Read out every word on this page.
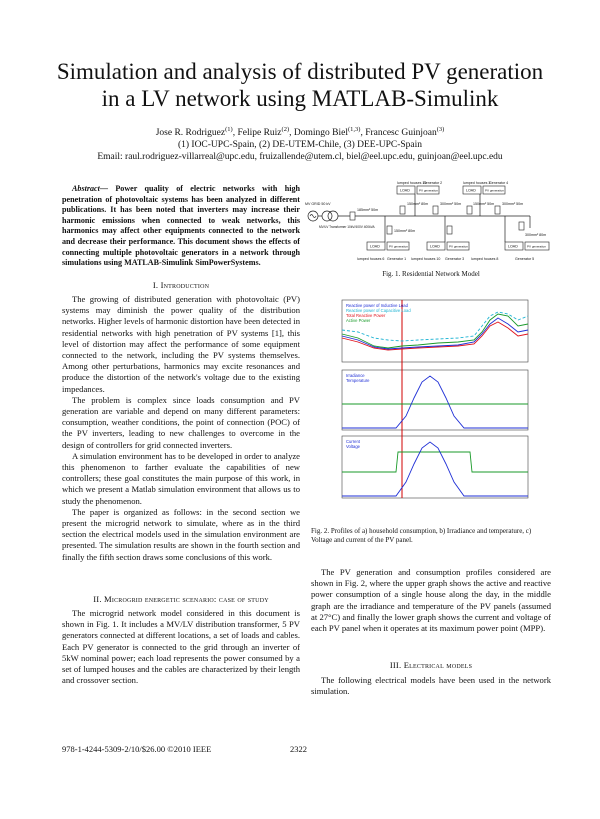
Simulation and analysis of distributed PV generation
in a LV network using MATLAB-Simulink
Jose R. Rodriguez$^{(1)}$, Felipe Ruiz$^{(2)}$, Domingo Biel$^{(1,3)}$, Francesc Guinjoan$^{(3)}$
(1) IOC-UPC-Spain, (2) DE-UTEM-Chile, (3) DEE-UPC-Spain
Email: raul.rodriguez-villarreal@upc.edu, fruizallende@utem.cl, biel@eel.upc.edu, guinjoan@eel.upc.edu
Abstract— Power quality of electric networks with high penetration of photovoltaic systems has been analyzed in different publications. It has been noted that inverters may increase their harmonic emissions when connected to weak networks, this harmonics may affect other equipments connected to the network and decrease their performance. This document shows the effects of connecting multiple photovoltaic generators in a network through simulations using MATLAB-Simulink SimPowerSystems.
I. Introduction

The growing of distributed generation with photovoltaic (PV) systems may diminish the power quality of the distribution networks. Higher levels of harmonic distortion have been detected in residential networks with high penetration of PV systems [1], this level of distortion may affect the performance of some equipment connected to the network, including the PV systems themselves. Among other perturbations, harmonics may excite resonances and produce the distortion of the network's voltage due to the existing impedances.

The problem is complex since loads consumption and PV generation are variable and depend on many different parameters: consumption, weather conditions, the point of connection (POC) of the PV inverters, leading to new challenges to overcome in the design of controllers for grid connected inverters.

A simulation environment has to be developed in order to analyze this phenomenon to farther evaluate the capabilities of new controllers; these goal constitutes the main purpose of this work, in which we present a Matlab simulation environment that allows us to study the phenomenon.

The paper is organized as follows: in the second section we present the microgrid network to simulate, where as in the third section the electrical models used in the simulation environment are presented. The simulation results are shown in the fourth section and finally the fifth section draws some conclusions of this work.

II. Microgrid energetic scenario: case of study

The microgrid network model considered in this document is shown in Fig. 1. It includes a MV/LV distribution transformer, 5 PV generators connected at different locations, a set of loads and cables. Each PV generator is connected to the grid through an inverter of 5kW nominal power; each load represents the power consumed by a set of lumped houses and the cables are characterized by their length and crossover section.

lumped houses 19
Generator 2	lumped houses 3
Generator 4
LOAD	PV generation	LOAD	PV generation
LOAD	PV generation	LOAD	PV generation	LOAD	PV generation
MV GRID 50 kV
MV/LV Transformer 10kV/400V 400kVA
185mm² 50m
150mm² 80m	300mm² 50m	150mm² 50m 300mm² 50m
300mm² 80m
150mm² 80m
lumped houses 6 Generator 1 lumped houses 10 Generator 3 lumped houses 8	Generator 5
Fig. 1. Residential Network Model
Reactive power of Inductive Load
Reactive power of Capacitive Load
Total Reactive Power
Active Power
Irradiance
Temperature
Current
Voltage
Fig. 2. Profiles of a) household consumption, b) Irradiance and temperature, c) Voltage and current of the PV panel.

The PV generation and consumption profiles considered are shown in Fig. 2, where the upper graph shows the active and reactive power consumption of a single house along the day, in the middle graph are the irradiance and temperature of the PV panels (assumed at 27°C) and finally the lower graph shows the current and voltage of each PV panel when it operates at its maximum power point (MPP).

III. Electrical models

The following electrical models have been used in the network simulation.

978-1-4244-5309-2/10/$26.00 ©2010 IEEE	2322
